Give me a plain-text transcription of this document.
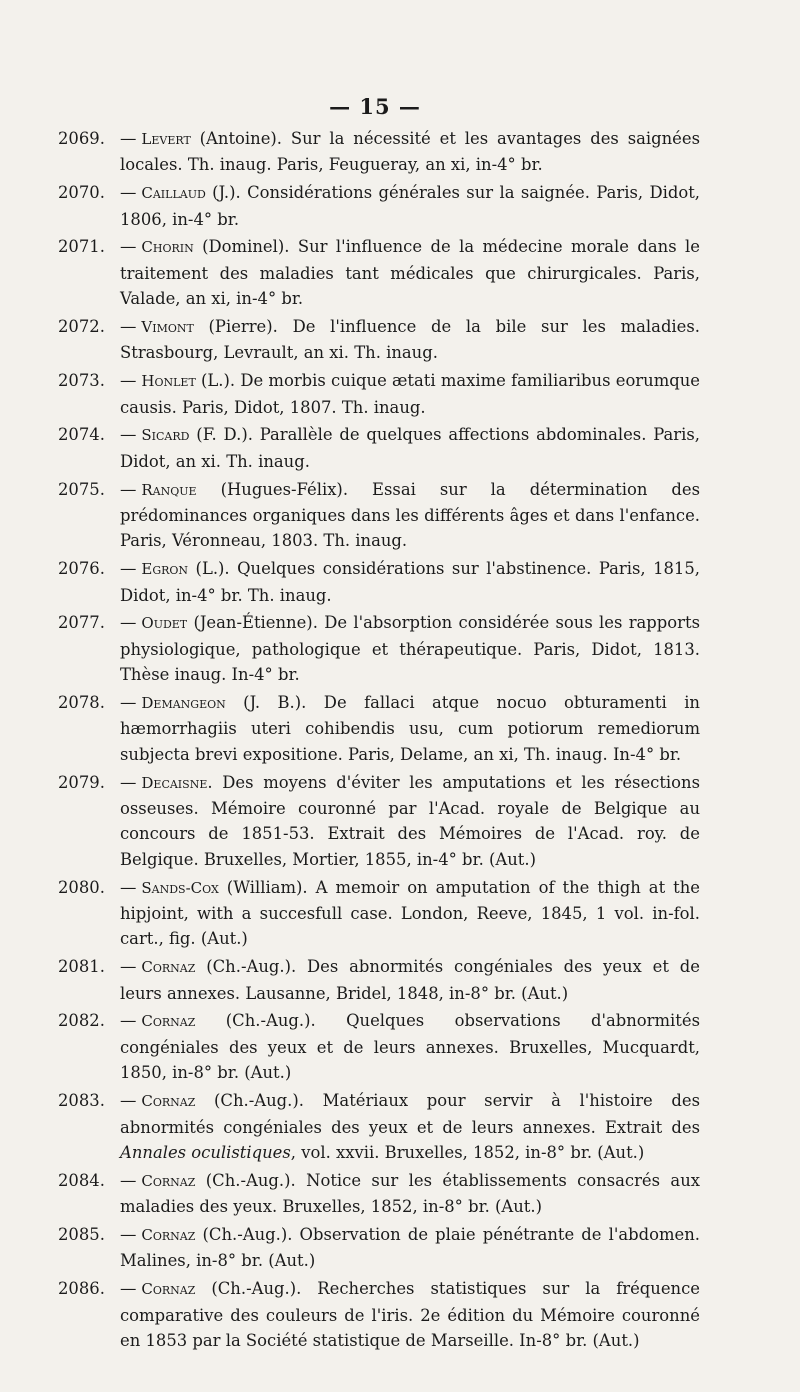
— 15 —

2069. — Levert (Antoine). Sur la nécessité et les avantages des saignées locales. Th. inaug. Paris, Feugueray, an xi, in-4° br.

2070. — Caillaud (J.). Considérations générales sur la saignée. Paris, Didot, 1806, in-4° br.

2071. — Chorin (Dominel). Sur l'influence de la médecine morale dans le traitement des maladies tant médicales que chirurgicales. Paris, Valade, an xi, in-4° br.

2072. — Vimont (Pierre). De l'influence de la bile sur les maladies. Strasbourg, Levrault, an xi. Th. inaug.

2073. — Honlet (L.). De morbis cuique ætati maxime familiaribus eorumque causis. Paris, Didot, 1807. Th. inaug.

2074. — Sicard (F. D.). Parallèle de quelques affections abdominales. Paris, Didot, an xi. Th. inaug.

2075. — Ranque (Hugues-Félix). Essai sur la détermination des prédominances organiques dans les différents âges et dans l'enfance. Paris, Véronneau, 1803. Th. inaug.

2076. — Egron (L.). Quelques considérations sur l'abstinence. Paris, 1815, Didot, in-4° br. Th. inaug.

2077. — Oudet (Jean-Étienne). De l'absorption considérée sous les rapports physiologique, pathologique et thérapeutique. Paris, Didot, 1813. Thèse inaug. In-4° br.

2078. — Demangeon (J. B.). De fallaci atque nocuo obturamenti in hæmorrhagiis uteri cohibendis usu, cum potiorum remediorum subjecta brevi expositione. Paris, Delame, an xi, Th. inaug. In-4° br.

2079. — Decaisne. Des moyens d'éviter les amputations et les résections osseuses. Mémoire couronné par l'Acad. royale de Belgique au concours de 1851-53. Extrait des Mémoires de l'Acad. roy. de Belgique. Bruxelles, Mortier, 1855, in-4° br. (Aut.)

2080. — Sands-Cox (William). A memoir on amputation of the thigh at the hipjoint, with a succesfull case. London, Reeve, 1845, 1 vol. in-fol. cart., fig. (Aut.)

2081. — Cornaz (Ch.-Aug.). Des abnormités congéniales des yeux et de leurs annexes. Lausanne, Bridel, 1848, in-8° br. (Aut.)

2082. — Cornaz (Ch.-Aug.). Quelques observations d'abnormités congéniales des yeux et de leurs annexes. Bruxelles, Mucquardt, 1850, in-8° br. (Aut.)

2083. — Cornaz (Ch.-Aug.). Matériaux pour servir à l'histoire des abnormités congéniales des yeux et de leurs annexes. Extrait des Annales oculistiques, vol. xxvii. Bruxelles, 1852, in-8° br. (Aut.)

2084. — Cornaz (Ch.-Aug.). Notice sur les établissements consacrés aux maladies des yeux. Bruxelles, 1852, in-8° br. (Aut.)

2085. — Cornaz (Ch.-Aug.). Observation de plaie pénétrante de l'abdomen. Malines, in-8° br. (Aut.)

2086. — Cornaz (Ch.-Aug.). Recherches statistiques sur la fréquence comparative des couleurs de l'iris. 2e édition du Mémoire couronné en 1853 par la Société statistique de Marseille. In-8° br. (Aut.)
